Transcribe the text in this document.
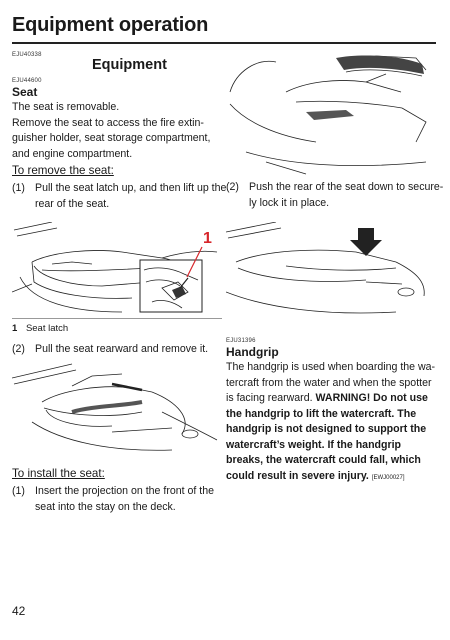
Equipment operation
EJU40338
Equipment
EJU44600
Seat
The seat is removable.
Remove the seat to access the fire extin-
guisher holder, seat storage compartment,
and engine compartment.
To remove the seat:
(1) Pull the seat latch up, and then lift up the
rear of the seat.
1
1 Seat latch
(2) Pull the seat rearward and remove it.
To install the seat:
(1) Insert the projection on the front of the
seat into the stay on the deck.
42
(2) Push the rear of the seat down to secure-
ly lock it in place.
EJU31396
Handgrip
The handgrip is used when boarding the wa-
tercraft from the water and when the spotter
is facing rearward. WARNING! Do not use
the handgrip to lift the watercraft. The
handgrip is not designed to support the
watercraft’s weight. If the handgrip
breaks, the watercraft could fall, which
could result in severe injury. [EWJ00027]
